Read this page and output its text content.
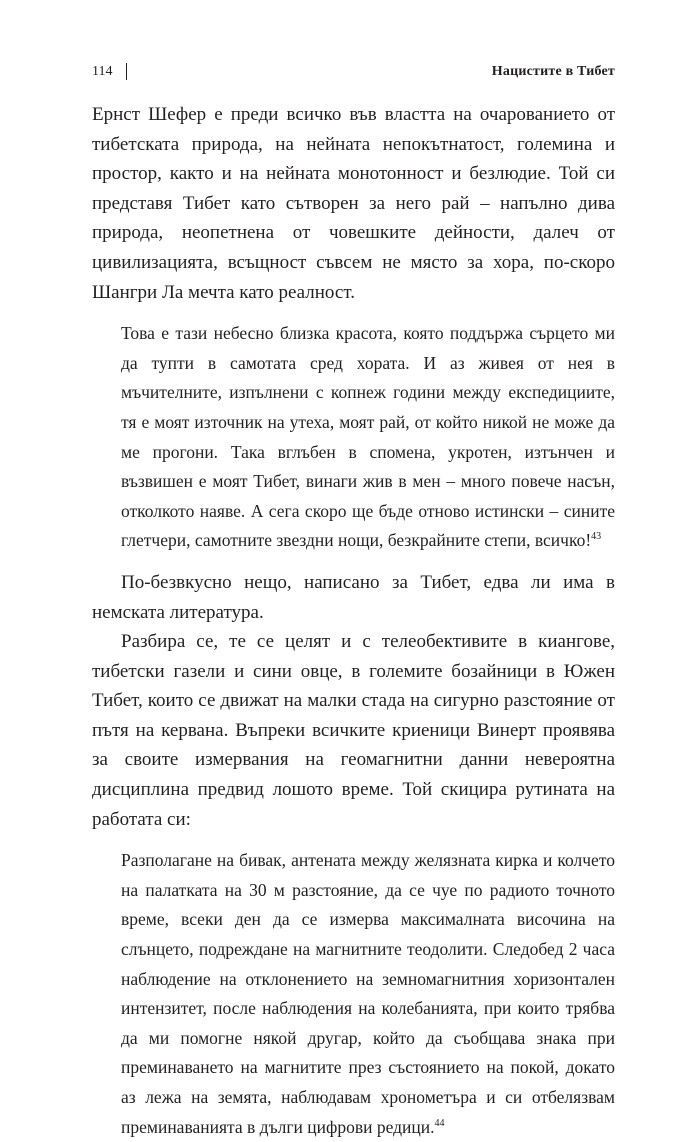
114	Нацистите в Тибет

Ернст Шефер е преди всичко във властта на очарованието от тибетската природа, на нейната непокътнатост, големина и простор, както и на нейната монотонност и безлюдие. Той си представя Тибет като сътворен за него рай – напълно дива природа, неопетнена от човешките дейности, далеч от цивилизацията, всъщност съвсем не място за хора, по-скоро Шангри Ла мечта като реалност.

Това е тази небесно близка красота, която поддържа сърцето ми да тупти в самотата сред хората. И аз живея от нея в мъчителните, изпълнени с копнеж години между експедициите, тя е моят източник на утеха, моят рай, от който никой не може да ме прогони. Така вглъбен в спомена, укротен, изтънчен и възвишен е моят Тибет, винаги жив в мен – много повече насън, отколкото наяве. А сега скоро ще бъде отново истински – сините глетчери, самотните звездни нощи, безкрайните степи, всичко!$^{43}$

По-безвкусно нещо, написано за Тибет, едва ли има в немската литература.

Разбира се, те се целят и с телеобективите в киангове, тибетски газели и сини овце, в големите бозайници в Южен Тибет, които се движат на малки стада на сигурно разстояние от пътя на кервана. Въпреки всичките криеници Винерт проявява за своите измервания на геомагнитни данни невероятна дисциплина предвид лошото време. Той скицира рутината на работата си:

Разполагане на бивак, антената между желязната кирка и колчето на палатката на 30 м разстояние, да се чуе по радиото точното време, всеки ден да се измерва максималната височина на слънцето, подреждане на магнитните теодолити. Следобед 2 часа наблюдение на отклонението на земномагнитния хоризонтален интензитет, после наблюдения на колебанията, при които трябва да ми помогне някой другар, който да съобщава знака при преминаването на магнитите през състоянието на покой, докато аз лежа на земята, наблюдавам хронометъра и си отбелязвам преминаванията в дълги цифрови редици.$^{44}$
